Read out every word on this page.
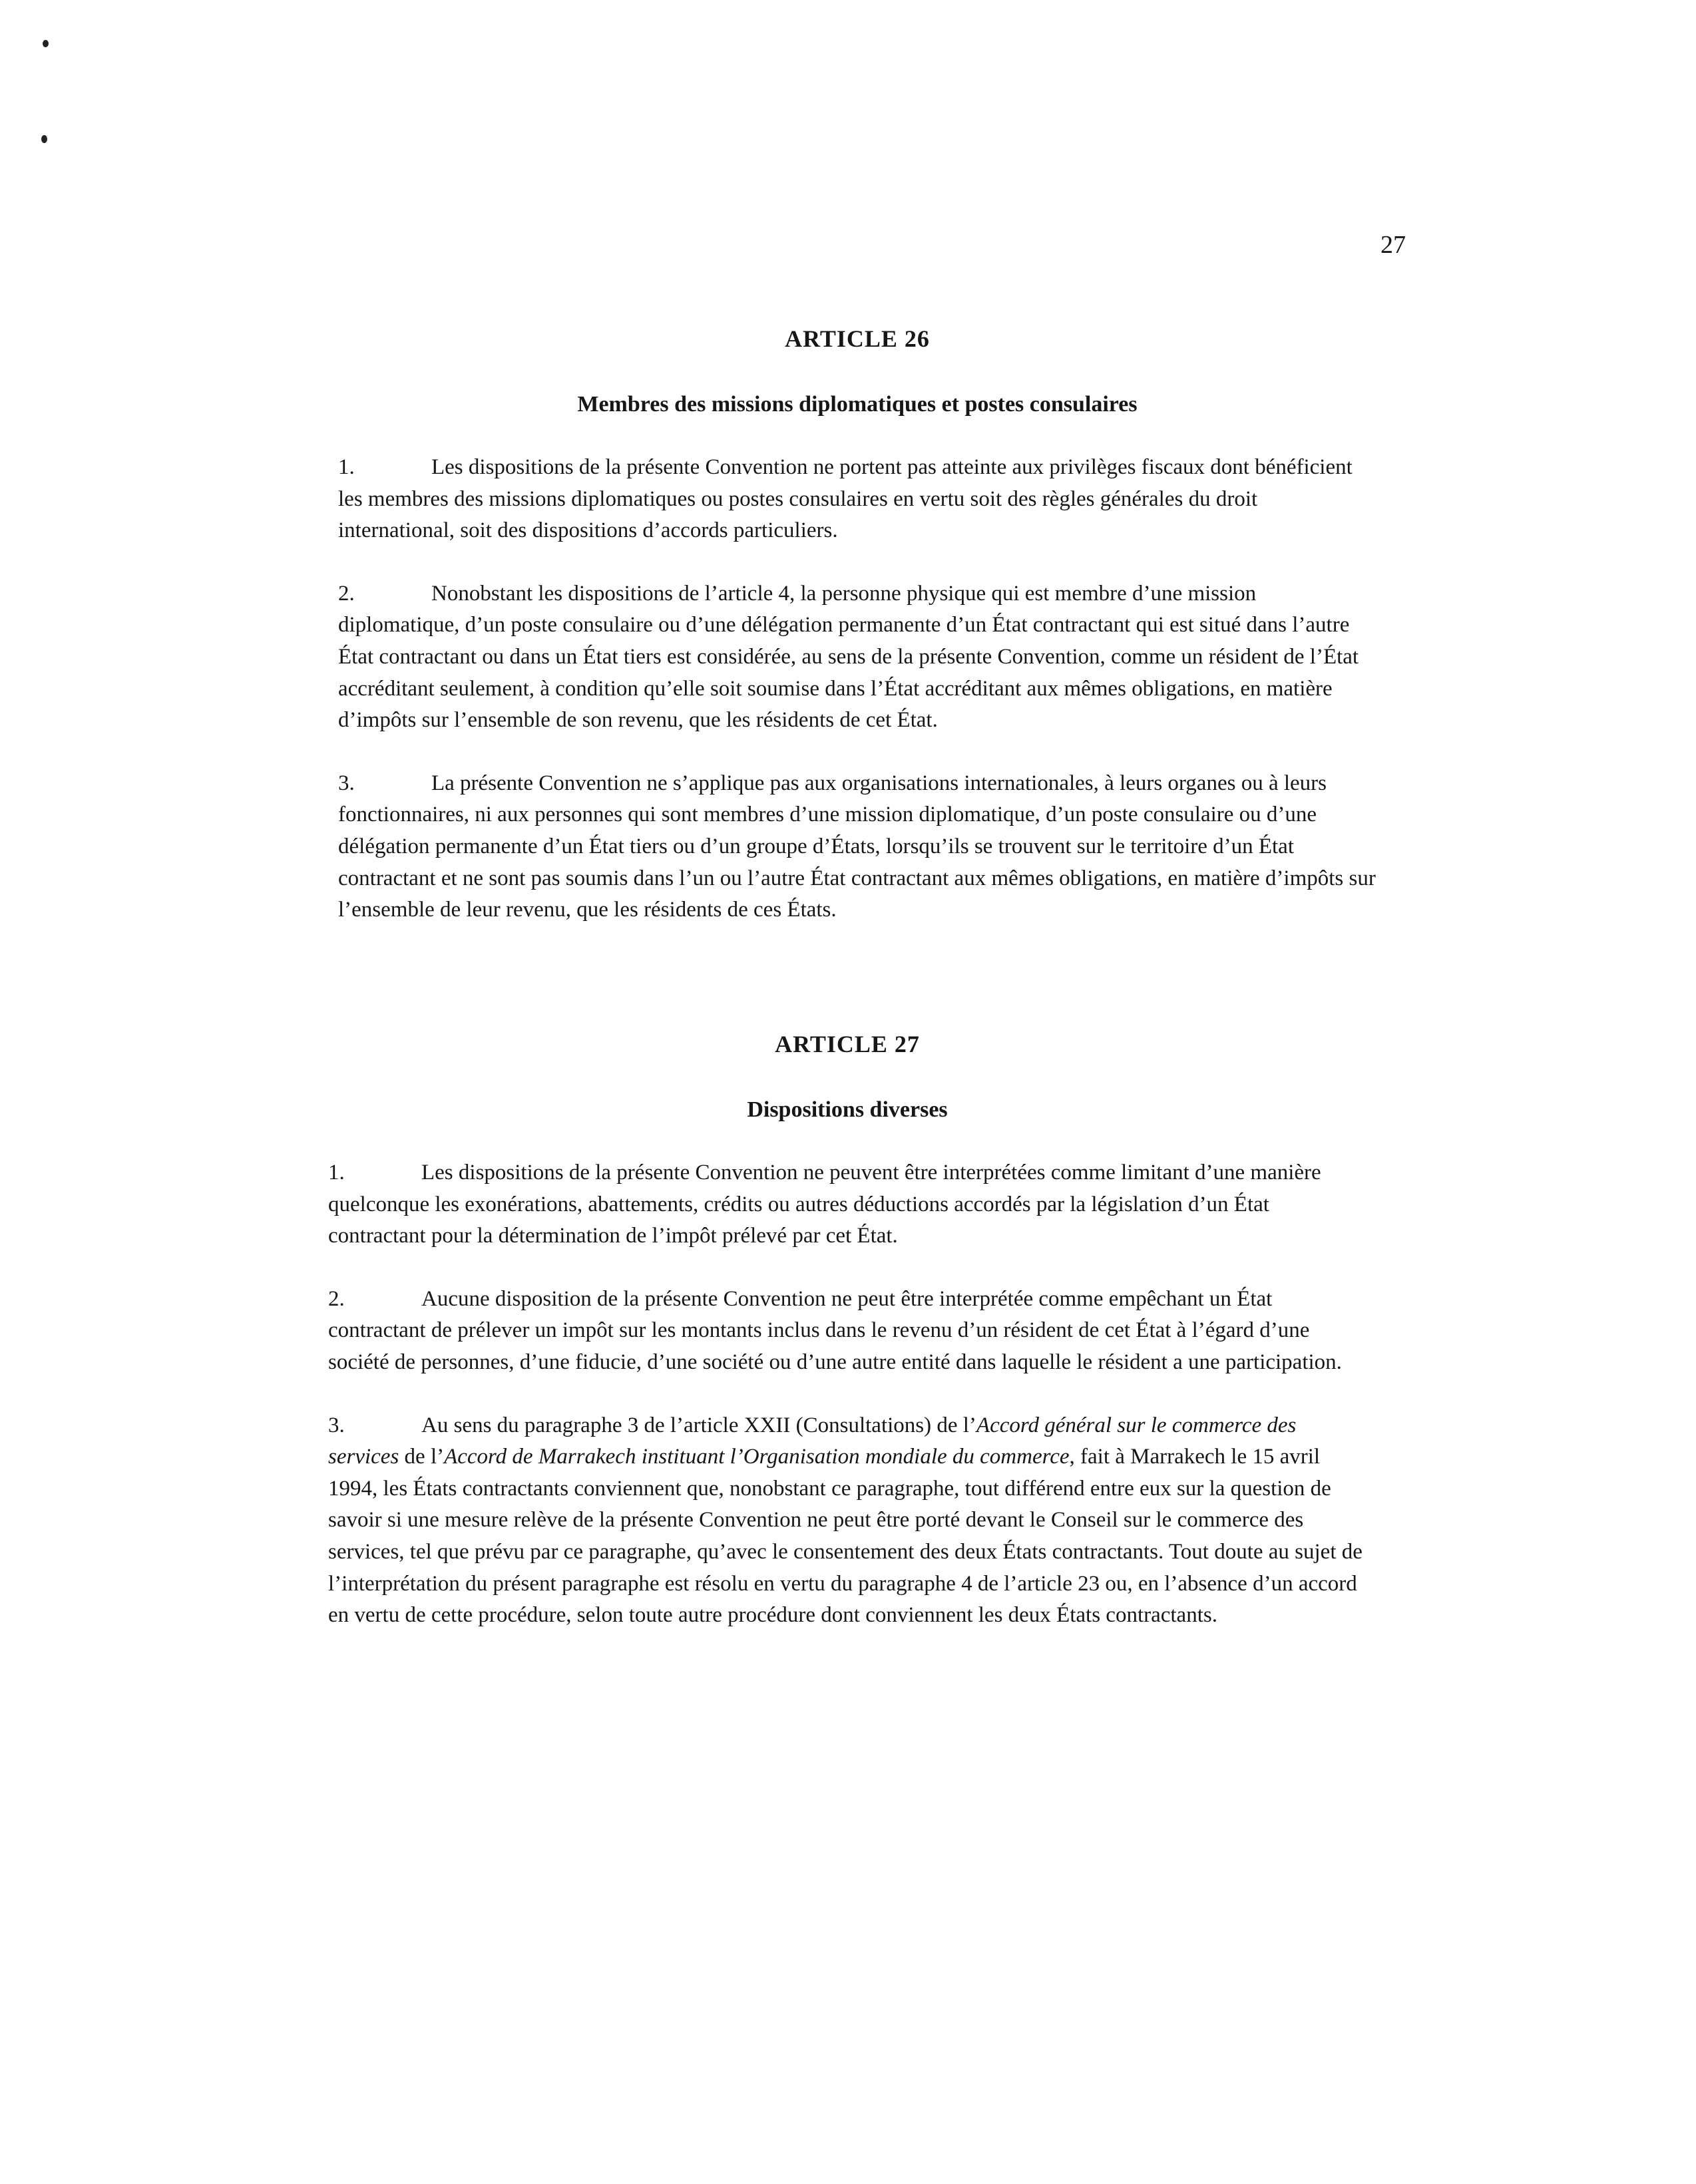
27
ARTICLE 26
Membres des missions diplomatiques et postes consulaires

1.	Les dispositions de la présente Convention ne portent pas atteinte aux privilèges fiscaux dont bénéficient les membres des missions diplomatiques ou postes consulaires en vertu soit des règles générales du droit international, soit des dispositions d’accords particuliers.

2.	Nonobstant les dispositions de l’article 4, la personne physique qui est membre d’une mission diplomatique, d’un poste consulaire ou d’une délégation permanente d’un État contractant qui est situé dans l’autre État contractant ou dans un État tiers est considérée, au sens de la présente Convention, comme un résident de l’État accréditant seulement, à condition qu’elle soit soumise dans l’État accréditant aux mêmes obligations, en matière d’impôts sur l’ensemble de son revenu, que les résidents de cet État.

3.	La présente Convention ne s’applique pas aux organisations internationales, à leurs organes ou à leurs fonctionnaires, ni aux personnes qui sont membres d’une mission diplomatique, d’un poste consulaire ou d’une délégation permanente d’un État tiers ou d’un groupe d’États, lorsqu’ils se trouvent sur le territoire d’un État contractant et ne sont pas soumis dans l’un ou l’autre État contractant aux mêmes obligations, en matière d’impôts sur l’ensemble de leur revenu, que les résidents de ces États.

ARTICLE 27
Dispositions diverses

1.	Les dispositions de la présente Convention ne peuvent être interprétées comme limitant d’une manière quelconque les exonérations, abattements, crédits ou autres déductions accordés par la législation d’un État contractant pour la détermination de l’impôt prélevé par cet État.

2.	Aucune disposition de la présente Convention ne peut être interprétée comme empêchant un État contractant de prélever un impôt sur les montants inclus dans le revenu d’un résident de cet État à l’égard d’une société de personnes, d’une fiducie, d’une société ou d’une autre entité dans laquelle le résident a une participation.

3.	Au sens du paragraphe 3 de l’article XXII (Consultations) de l’Accord général sur le commerce des services de l’Accord de Marrakech instituant l’Organisation mondiale du commerce, fait à Marrakech le 15 avril 1994, les États contractants conviennent que, nonobstant ce paragraphe, tout différend entre eux sur la question de savoir si une mesure relève de la présente Convention ne peut être porté devant le Conseil sur le commerce des services, tel que prévu par ce paragraphe, qu’avec le consentement des deux États contractants. Tout doute au sujet de l’interprétation du présent paragraphe est résolu en vertu du paragraphe 4 de l’article 23 ou, en l’absence d’un accord en vertu de cette procédure, selon toute autre procédure dont conviennent les deux États contractants.
